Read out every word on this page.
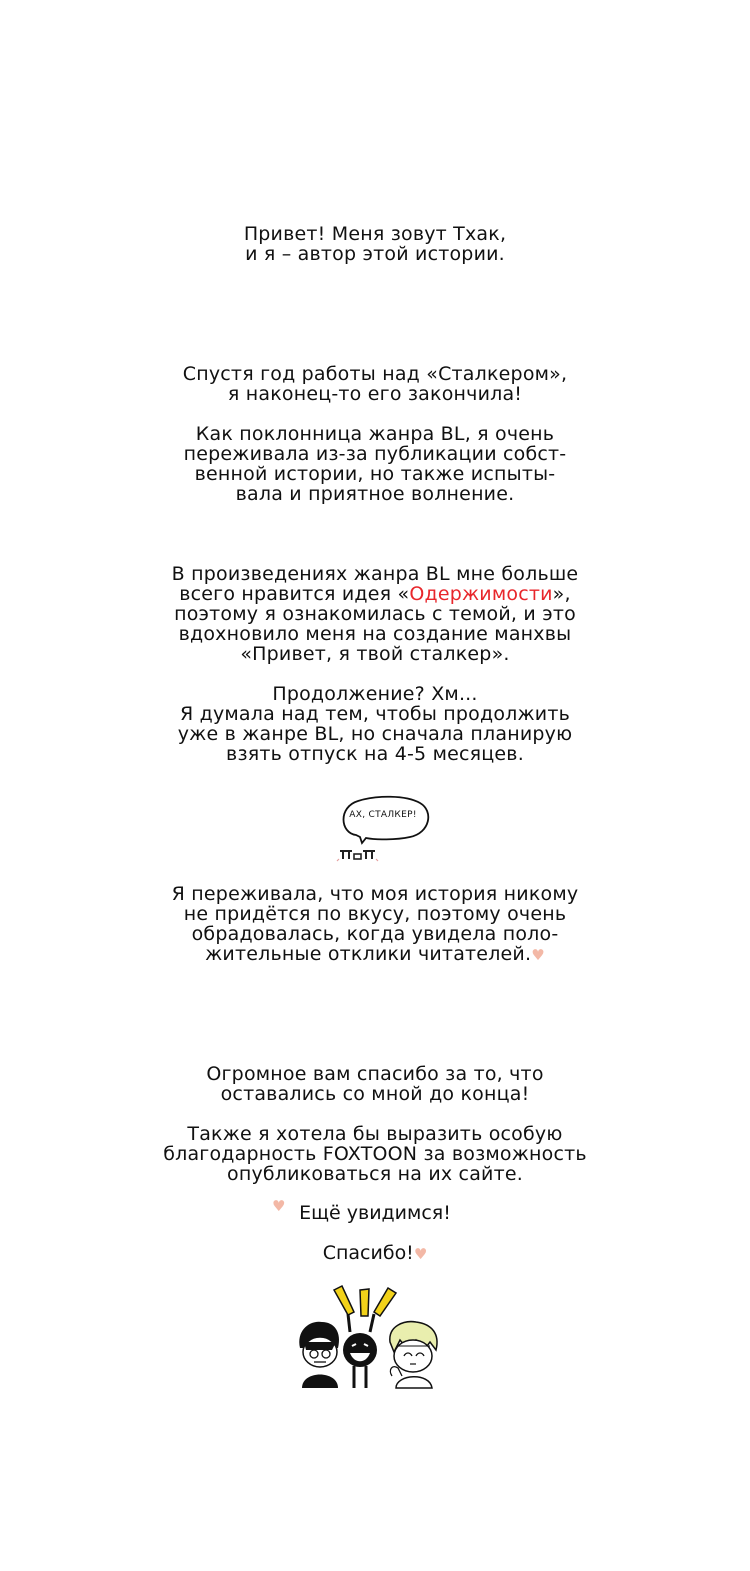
Привет! Меня зовут Тхак,
и я – автор этой истории.
Спустя год работы над «Сталкером»,
я наконец-то его закончила!
Как поклонница жанра BL, я очень
переживала из-за публикации собст-
венной истории, но также испыты-
вала и приятное волнение.
В произведениях жанра BL мне больше
всего нравится идея «Одержимости»,
поэтому я ознакомилась с темой, и это
вдохновило меня на создание манхвы
«Привет, я твой сталкер».
Продолжение? Хм...
Я думала над тем, чтобы продолжить
уже в жанре BL, но сначала планирую
взять отпуск на 4-5 месяцев.
АХ, СТАЛКЕР!
Я переживала, что моя история никому
не придётся по вкусу, поэтому очень
обрадовалась, когда увидела поло-
жительные отклики читателей.♥
Огромное вам спасибо за то, что
оставались со мной до конца!
Также я хотела бы выразить особую
благодарность FOXTOON за возможность
опубликоваться на их сайте.
♥ Ещё увидимся!
Спасибо!♥
